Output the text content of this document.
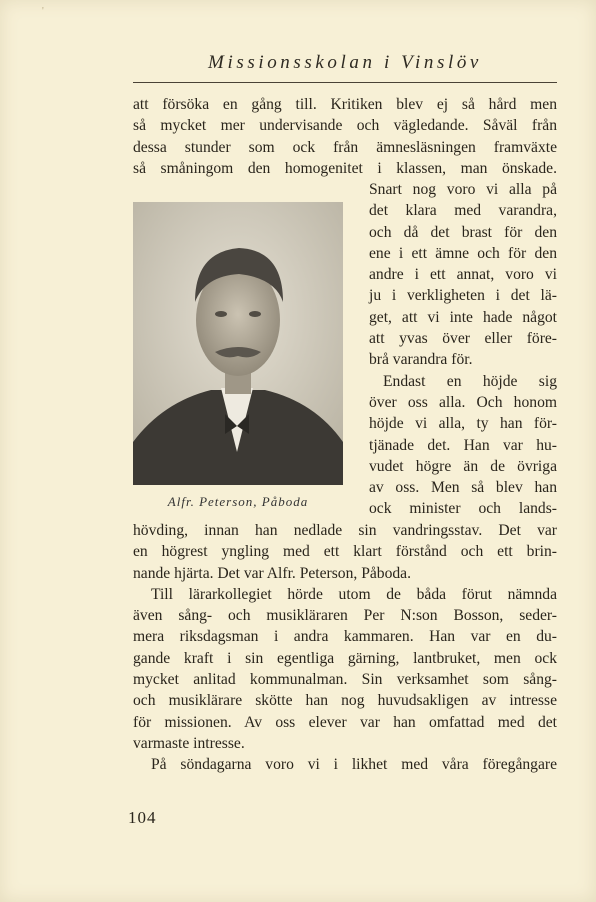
'
Missionsskolan i Vinslöv

att försöka en gång till. Kritiken blev ej så hård men

så mycket mer undervisande och vägledande. Såväl från

dessa stunder som ock från ämnesläsningen framväxte

så småningom den homogenitet i klassen, man önskade.

Snart nog voro vi alla på

det klara med varandra,

och då det brast för den

ene i ett ämne och för den

andre i ett annat, voro vi

ju i verkligheten i det lä-

get, att vi inte hade något

att yvas över eller före-

brå varandra för.

Endast en höjde sig

över oss alla. Och honom

höjde vi alla, ty han för-

tjänade det. Han var hu-

vudet högre än de övriga

av oss. Men så blev han

ock minister och lands-

Alfr. Peterson, Påboda

hövding, innan han nedlade sin vandringsstav. Det var

en högrest yngling med ett klart förstånd och ett brin-

nande hjärta. Det var Alfr. Peterson, Påboda.

Till lärarkollegiet hörde utom de båda förut nämnda

även sång- och musikläraren Per N:son Bosson, seder-

mera riksdagsman i andra kammaren. Han var en du-

gande kraft i sin egentliga gärning, lantbruket, men ock

mycket anlitad kommunalman. Sin verksamhet som sång-

och musiklärare skötte han nog huvudsakligen av intresse

för missionen. Av oss elever var han omfattad med det

varmaste intresse.

På söndagarna voro vi i likhet med våra föregångare

104
